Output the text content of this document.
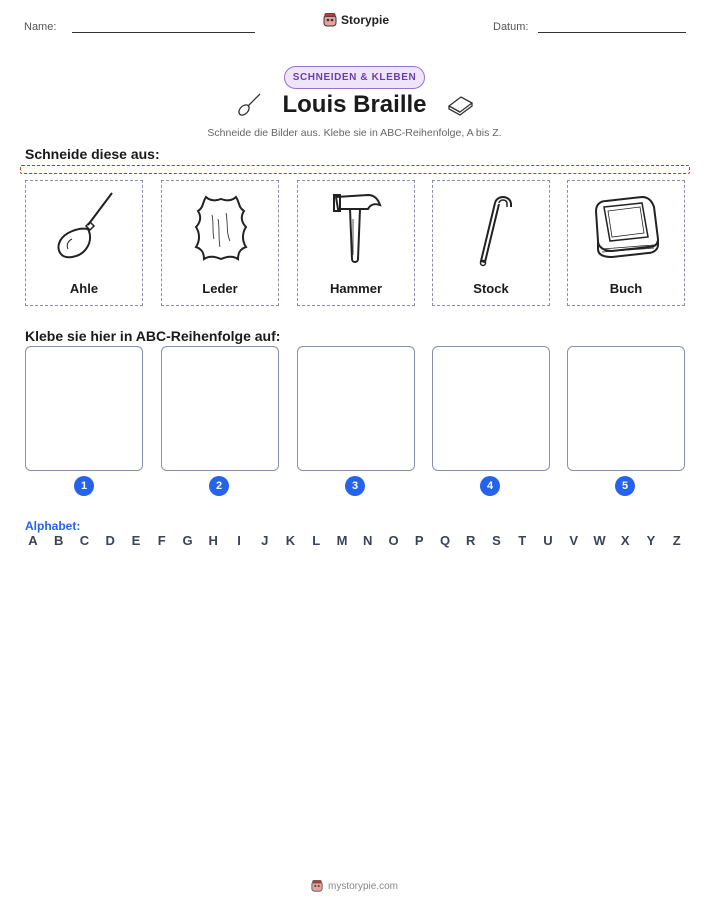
Name:	Storypie	Datum:
SCHNEIDEN & KLEBEN
Louis Braille
Schneide die Bilder aus. Klebe sie in ABC-Reihenfolge, A bis Z.
Schneide diese aus:
Ahle	Leder	Hammer	Stock	Buch
Klebe sie hier in ABC-Reihenfolge auf:
1	2	3	4	5
Alphabet:
A B C D E	F	G H	I	J	K	L	M N O P Q R S	T	U V W X Y	Z
mystorypie.com
